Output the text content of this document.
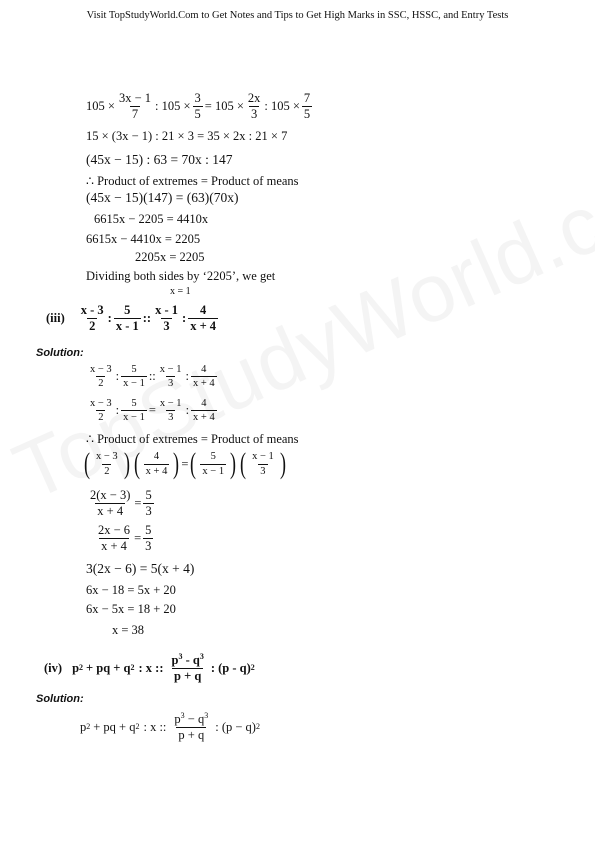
Visit TopStudyWorld.Com to Get Notes and Tips to Get High Marks in SSC, HSSC, and Entry Tests
$105 \times \frac{3x - 1}{7}$ : $105 \times \frac{3}{5} = 105 \times \frac{2x}{3}$ : $105 \times \frac{7}{5}$
15 × (3x − 1) : 21 × 3 = 35 × 2x : 21 × 7
(45x − 15) : 63 = 70x : 147
∴ Product of extremes = Product of means
(45x − 15)(147) = (63)(70x)
6615x − 2205 = 4410x
6615x − 4410x = 2205
2205x = 2205
Dividing both sides by ‘2205’, we get
x = 1
$(iii) \frac{x - 3}{2}$ : $\frac{5}{x - 1}$ :: $\frac{x - 1}{3}$ : $\frac{4}{x + 4}$
Solution:
$\frac{x - 3}{2}$ : $\frac{5}{x - 1}$ :: $\frac{x - 1}{3}$ : $\frac{4}{x + 4}$
$\frac{x - 3}{2}$ : $\frac{5}{x - 1} = \frac{x - 1}{3}$ : $\frac{4}{x + 4}$
∴ Product of extremes = Product of means
( $\frac{x - 3}{2}$ ) ( $\frac{4}{x + 4}$ ) = ( $\frac{5}{x - 1}$ ) ( $\frac{x - 1}{3}$ )
$\frac{2(x - 3)}{x + 4} = \frac{5}{3}$
$\frac{2x - 6}{x + 4} = \frac{5}{3}$
3(2x − 6) = 5(x + 4)
6x − 18 = 5x + 20
6x − 5x = 18 + 20
x = 38
(iv) p 2 + pq + q 2 : x :: $\frac{p^3 - q^3}{p + q}$ : (p - q) 2
Solution:
p 2 + pq + q 2 : x :: $\frac{p^3 - q^3}{p + q}$ : (p − q) 2
